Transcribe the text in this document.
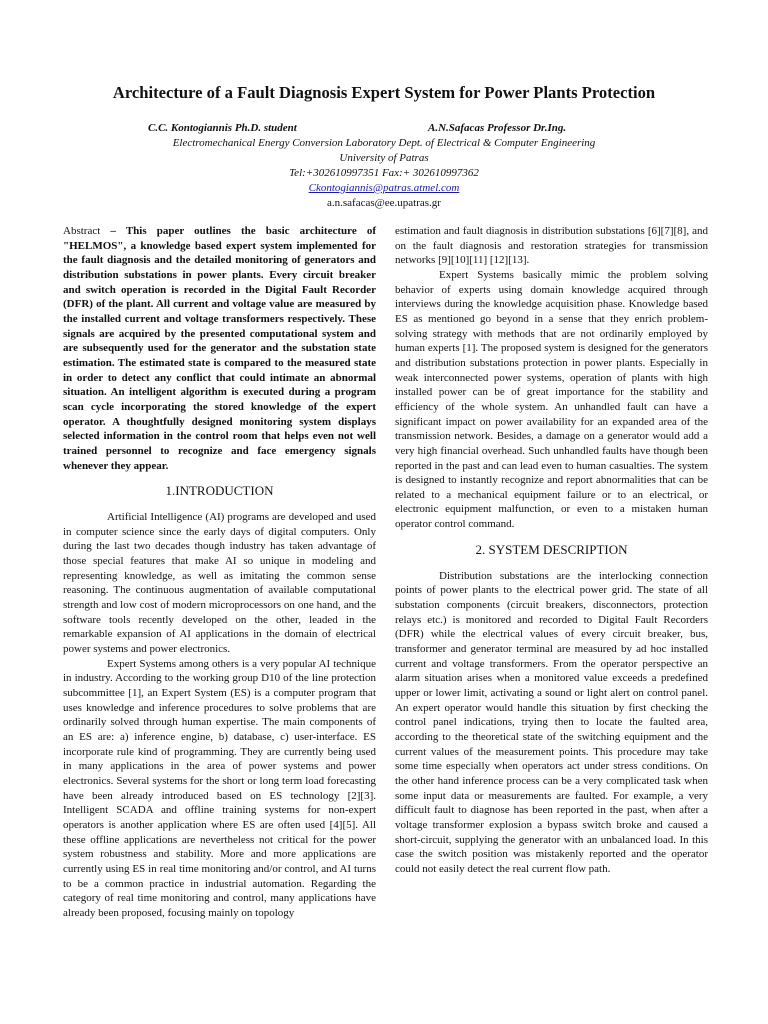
Architecture of a Fault Diagnosis Expert System for Power Plants Protection
C.C. Kontogiannis Ph.D. student	A.N.Safacas Professor Dr.Ing.
Electromechanical Energy Conversion Laboratory Dept. of Electrical & Computer Engineering
University of Patras
Tel:+302610997351 Fax:+ 302610997362
Ckontogiannis@patras.atmel.com
a.n.safacas@ee.upatras.gr

Abstract – This paper outlines the basic architecture of "HELMOS", a knowledge based expert system implemented for the fault diagnosis and the detailed monitoring of generators and distribution substations in power plants. Every circuit breaker and switch operation is recorded in the Digital Fault Recorder (DFR) of the plant. All current and voltage value are measured by the installed current and voltage transformers respectively. These signals are acquired by the presented computational system and are subsequently used for the generator and the substation state estimation. The estimated state is compared to the measured state in order to detect any conflict that could intimate an abnormal situation. An intelligent algorithm is executed during a program scan cycle incorporating the stored knowledge of the expert operator. A thoughtfully designed monitoring system displays selected information in the control room that helps even not well trained personnel to recognize and face emergency signals whenever they appear.

1.INTRODUCTION

Artificial Intelligence (AI) programs are developed and used in computer science since the early days of digital computers. Only during the last two decades though industry has taken advantage of those special features that make AI so unique in modeling and representing knowledge, as well as imitating the common sense reasoning. The continuous augmentation of available computational strength and low cost of modern microprocessors on one hand, and the software tools recently developed on the other, leaded in the remarkable expansion of AI applications in the domain of electrical power systems and power electronics.

Expert Systems among others is a very popular AI technique in industry. According to the working group D10 of the line protection subcommittee [1], an Expert System (ES) is a computer program that uses knowledge and inference procedures to solve problems that are ordinarily solved through human expertise. The main components of an ES are: a) inference engine, b) database, c) user-interface. ES incorporate rule kind of programming. They are currently being used in many applications in the area of power systems and power electronics. Several systems for the short or long term load forecasting have been already introduced based on ES technology [2][3]. Intelligent SCADA and offline training systems for non-expert operators is another application where ES are often used [4][5]. All these offline applications are nevertheless not critical for the power system robustness and stability. More and more applications are currently using ES in real time monitoring and/or control, and AI turns to be a common practice in industrial automation. Regarding the category of real time monitoring and control, many applications have already been proposed, focusing mainly on topology

estimation and fault diagnosis in distribution substations [6][7][8], and on the fault diagnosis and restoration strategies for transmission networks [9][10][11] [12][13].

Expert Systems basically mimic the problem solving behavior of experts using domain knowledge acquired through interviews during the knowledge acquisition phase. Knowledge based ES as mentioned go beyond in a sense that they enrich problem-solving strategy with methods that are not ordinarily employed by human experts [1]. The proposed system is designed for the generators and distribution substations protection in power plants. Especially in weak interconnected power systems, operation of plants with high installed power can be of great importance for the stability and efficiency of the whole system. An unhandled fault can have a significant impact on power availability for an expanded area of the transmission network. Besides, a damage on a generator would add a very high financial overhead. Such unhandled faults have though been reported in the past and can lead even to human casualties. The system is designed to instantly recognize and report abnormalities that can be related to a mechanical equipment failure or to an electrical, or electronic equipment malfunction, or even to a mistaken human operator control command.

2. SYSTEM DESCRIPTION

Distribution substations are the interlocking connection points of power plants to the electrical power grid. The state of all substation components (circuit breakers, disconnectors, protection relays etc.) is monitored and recorded to Digital Fault Recorders (DFR) while the electrical values of every circuit breaker, bus, transformer and generator terminal are measured by ad hoc installed current and voltage transformers. From the operator perspective an alarm situation arises when a monitored value exceeds a predefined upper or lower limit, activating a sound or light alert on control panel. An expert operator would handle this situation by first checking the control panel indications, trying then to locate the faulted area, according to the theoretical state of the switching equipment and the current values of the measurement points. This procedure may take some time especially when operators act under stress conditions. On the other hand inference process can be a very complicated task when some input data or measurements are faulted. For example, a very difficult fault to diagnose has been reported in the past, when after a voltage transformer explosion a bypass switch broke and caused a short-circuit, supplying the generator with an unbalanced load. In this case the switch position was mistakenly reported and the operator could not easily detect the real current flow path.
